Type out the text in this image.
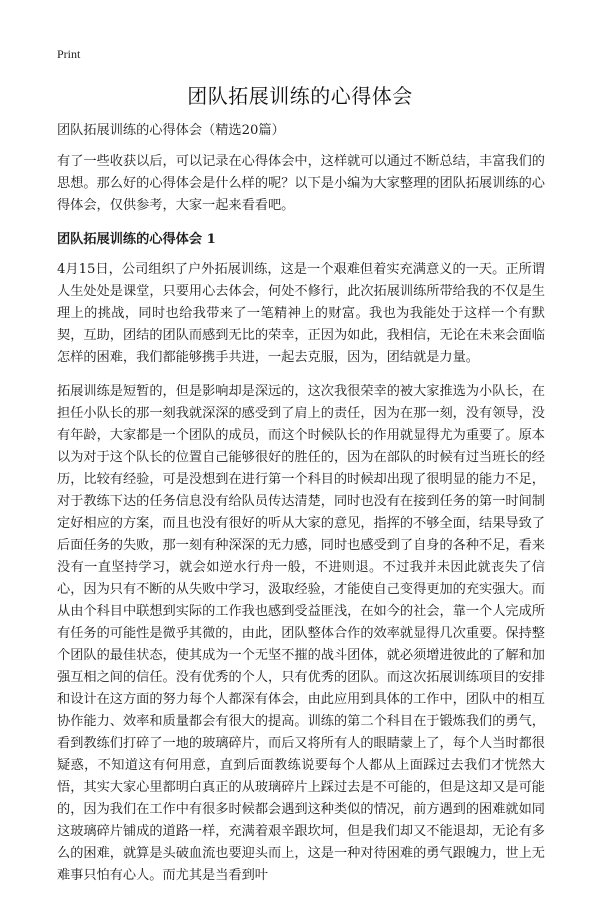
Print
团队拓展训练的心得体会

团队拓展训练的心得体会（精选20篇）

有了一些收获以后，可以记录在心得体会中，这样就可以通过不断总结，丰富我们的思想。那么好的心得体会是什么样的呢？以下是小编为大家整理的团队拓展训练的心得体会，仅供参考，大家一起来看看吧。

团队拓展训练的心得体会 1

4月15日，公司组织了户外拓展训练，这是一个艰难但着实充满意义的一天。正所谓人生处处是课堂，只要用心去体会，何处不修行，此次拓展训练所带给我的不仅是生理上的挑战，同时也给我带来了一笔精神上的财富。我也为我能处于这样一个有默契，互助，团结的团队而感到无比的荣幸，正因为如此，我相信，无论在未来会面临怎样的困难，我们都能够携手共进，一起去克服，因为，团结就是力量。

拓展训练是短暂的，但是影响却是深远的，这次我很荣幸的被大家推选为小队长，在担任小队长的那一刻我就深深的感受到了肩上的责任，因为在那一刻，没有领导，没有年龄，大家都是一个团队的成员，而这个时候队长的作用就显得尤为重要了。原本以为对于这个队长的位置自己能够很好的胜任的，因为在部队的时候有过当班长的经历，比较有经验，可是没想到在进行第一个科目的时候却出现了很明显的能力不足，对于教练下达的任务信息没有给队员传达清楚，同时也没有在接到任务的第一时间制定好相应的方案，而且也没有很好的听从大家的意见，指挥的不够全面，结果导致了后面任务的失败，那一刻有种深深的无力感，同时也感受到了自身的各种不足，看来没有一直坚持学习，就会如逆水行舟一般，不进则退。不过我并未因此就丧失了信心，因为只有不断的从失败中学习，汲取经验，才能使自己变得更加的充实强大。而从由个科目中联想到实际的工作我也感到受益匪浅，在如今的社会，靠一个人完成所有任务的可能性是微乎其微的，由此，团队整体合作的效率就显得几次重要。保持整个团队的最佳状态，使其成为一个无坚不摧的战斗团体，就必须增进彼此的了解和加强互相之间的信任。没有优秀的个人，只有优秀的团队。而这次拓展训练项目的安排和设计在这方面的努力每个人都深有体会，由此应用到具体的工作中，团队中的相互协作能力、效率和质量都会有很大的提高。训练的第二个科目在于锻炼我们的勇气，看到教练们打碎了一地的玻璃碎片，而后又将所有人的眼睛蒙上了，每个人当时都很疑惑，不知道这有何用意，直到后面教练说要每个人都从上面踩过去我们才恍然大悟，其实大家心里都明白真正的从玻璃碎片上踩过去是不可能的，但是这却又是可能的，因为我们在工作中有很多时候都会遇到这种类似的情况，前方遇到的困难就如同这玻璃碎片铺成的道路一样，充满着艰辛跟坎坷，但是我们却又不能退却，无论有多么的困难，就算是头破血流也要迎头而上，这是一种对待困难的勇气跟魄力，世上无难事只怕有心人。而尤其是当看到叶
